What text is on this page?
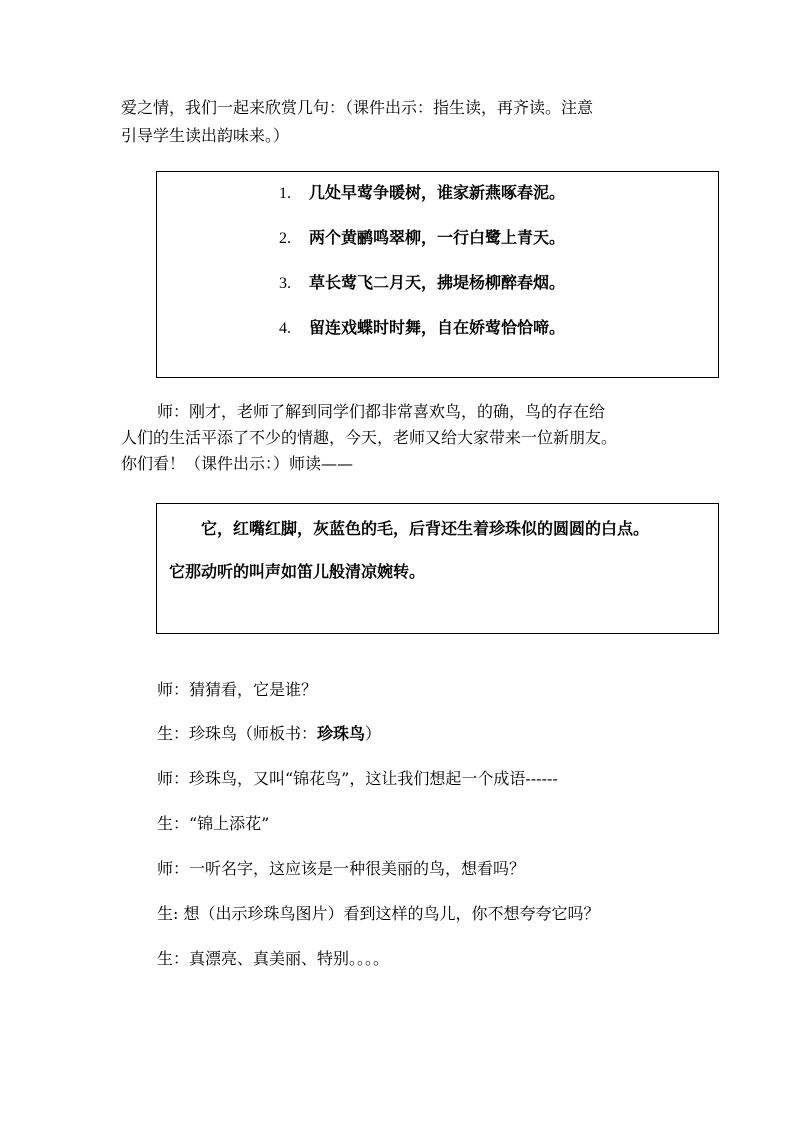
爱之情，我们一起来欣赏几句：（课件出示：指生读，再齐读。注意

引导学生读出韵味来。）

1. 几处早莺争暖树，谁家新燕啄春泥。
2. 两个黄鹂鸣翠柳，一行白鹭上青天。
3. 草长莺飞二月天，拂堤杨柳醉春烟。
4. 留连戏蝶时时舞，自在娇莺恰恰啼。

师：刚才，老师了解到同学们都非常喜欢鸟，的确，鸟的存在给

人们的生活平添了不少的情趣，今天，老师又给大家带来一位新朋友。

你们看！（课件出示：）师读——

它，红嘴红脚，灰蓝色的毛，后背还生着珍珠似的圆圆的白点。
它那动听的叫声如笛儿般清凉婉转。

师：猜猜看，它是谁？

生：珍珠鸟（师板书：珍珠鸟）

师：珍珠鸟，又叫“锦花鸟”，这让我们想起一个成语------

生：“锦上添花”

师：一听名字，这应该是一种很美丽的鸟，想看吗？

生: 想（出示珍珠鸟图片）看到这样的鸟儿，你不想夸夸它吗？

生：真漂亮、真美丽、特别。。。。
